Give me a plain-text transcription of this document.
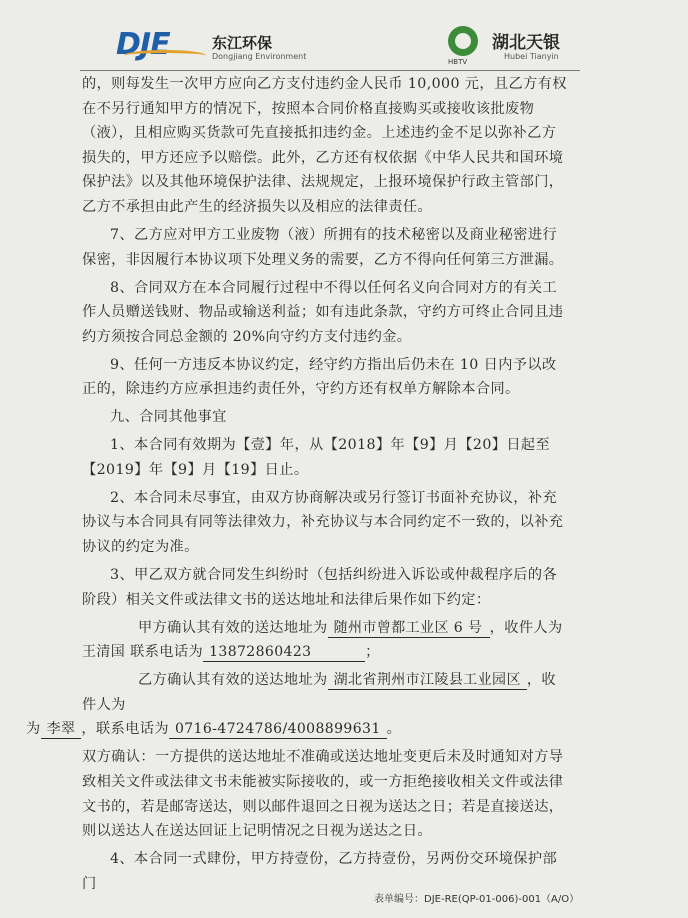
DJE	东江环保
Dongjiang Environment
HBTV
湖北天银
Hubei Tianyin

的，则每发生一次甲方应向乙方支付违约金人民币 10,000 元，且乙方有权在不另行通知甲方的情况下，按照本合同价格直接购买或接收该批废物（液），且相应购买货款可先直接抵扣违约金。上述违约金不足以弥补乙方损失的，甲方还应予以赔偿。此外，乙方还有权依据《中华人民共和国环境保护法》以及其他环境保护法律、法规规定，上报环境保护行政主管部门，乙方不承担由此产生的经济损失以及相应的法律责任。

7、乙方应对甲方工业废物（液）所拥有的技术秘密以及商业秘密进行保密，非因履行本协议项下处理义务的需要，乙方不得向任何第三方泄漏。

8、合同双方在本合同履行过程中不得以任何名义向合同对方的有关工作人员赠送钱财、物品或输送利益；如有违此条款，守约方可终止合同且违约方须按合同总金额的 20%向守约方支付违约金。

9、任何一方违反本协议约定，经守约方指出后仍未在 10 日内予以改正的，除违约方应承担违约责任外，守约方还有权单方解除本合同。

九、合同其他事宜

1、本合同有效期为【壹】年，从【2018】年【9】月【20】日起至【2019】年【9】月【19】日止。

2、本合同未尽事宜，由双方协商解决或另行签订书面补充协议，补充协议与本合同具有同等法律效力，补充协议与本合同约定不一致的，以补充协议的约定为准。

3、甲乙双方就合同发生纠纷时（包括纠纷进入诉讼或仲裁程序后的各阶段）相关文件或法律文书的送达地址和法律后果作如下约定：

甲方确认其有效的送达地址为 随州市曾都工业区 6 号 ，收件人为
王清国 联系电话为 13872860423	；

乙方确认其有效的送达地址为 湖北省荆州市江陵县工业园区 ，收件人为
为 李翠 ，联系电话为 0716-4724786/4008899631 。

双方确认：一方提供的送达地址不准确或送达地址变更后未及时通知对方导致相关文件或法律文书未能被实际接收的，或一方拒绝接收相关文件或法律文书的，若是邮寄送达，则以邮件退回之日视为送达之日；若是直接送达，则以送达人在送达回证上记明情况之日视为送达之日。

4、本合同一式肆份，甲方持壹份，乙方持壹份，另两份交环境保护部门

表单编号：DJE-RE(QP-01-006)-001（A/O）
